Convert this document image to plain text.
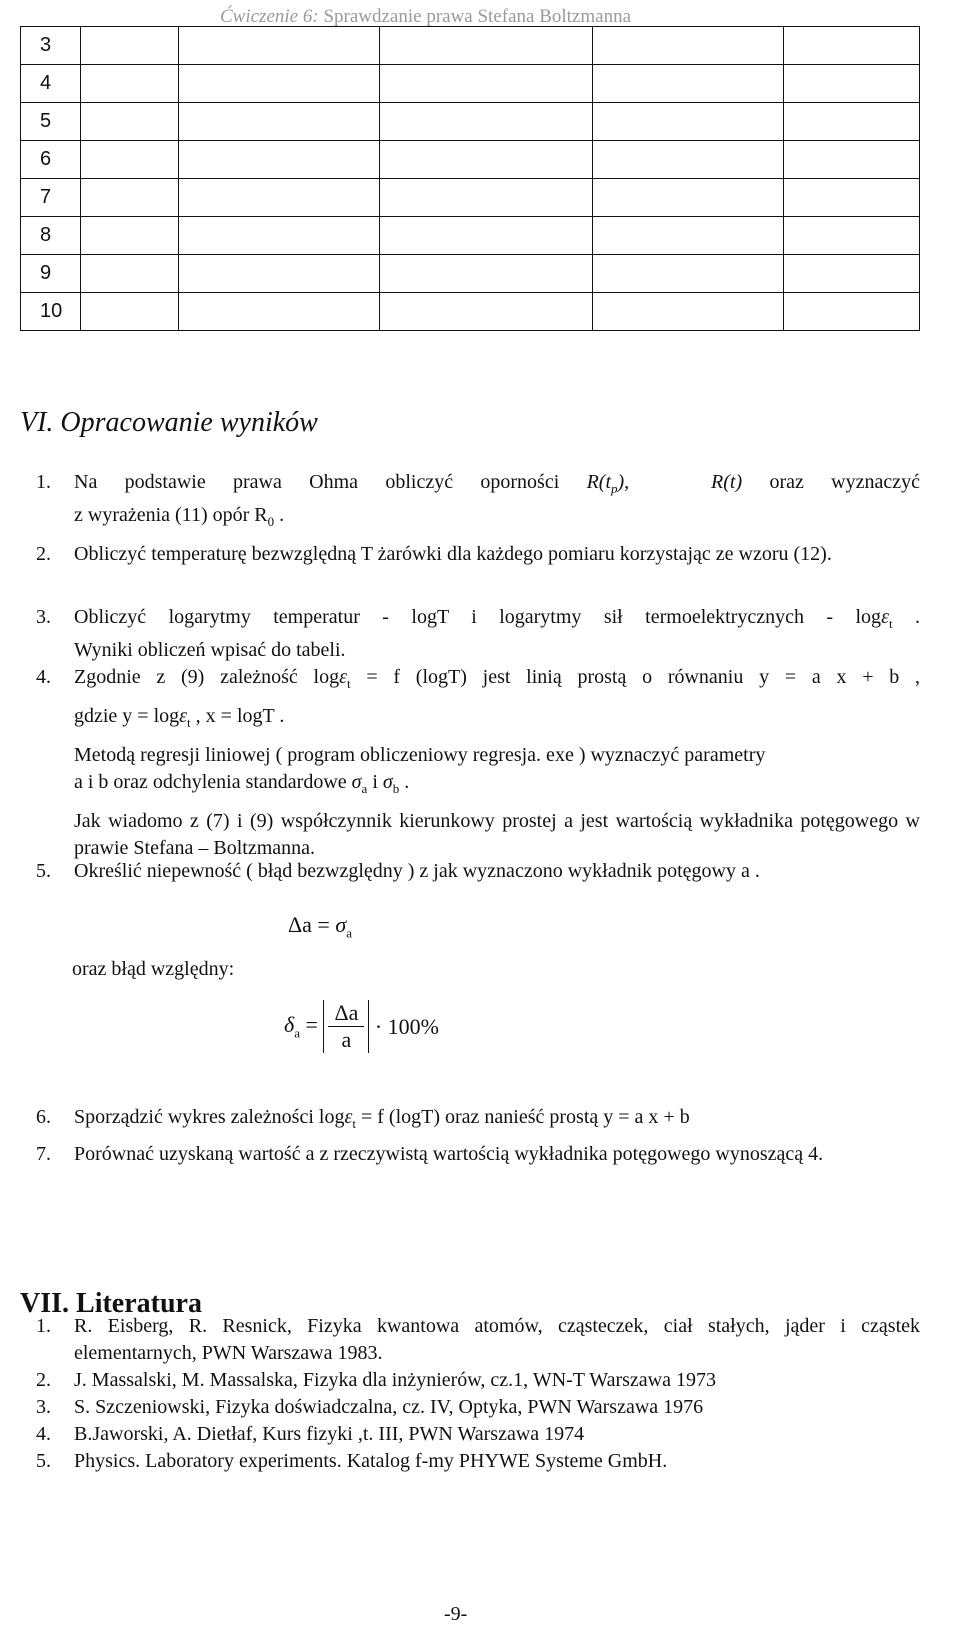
Ćwiczenie 6: Sprawdzanie prawa Stefana Boltzmanna
3					
4					
5					
6					
7					
8					
9					
10					
VI. Opracowanie wyników
1. Na podstawie prawa Ohma obliczyć oporności $R(t_p)$,   R(t) oraz wyznaczyć
z wyrażenia (11) opór $R_0$ .
2.	Obliczyć temperaturę bezwzględną T żarówki dla każdego pomiaru korzystając ze wzoru (12).
3. Obliczyć logarytmy temperatur - logT i logarytmy sił termoelektrycznych - logε$_t$ .
Wyniki obliczeń wpisać do tabeli.
4. Zgodnie z (9) zależność logε$_t$ = f (logT) jest linią prostą o równaniu y = a x + b ,
gdzie y = logε$_t$ , x = logT .
Metodą regresji liniowej ( program obliczeniowy regresja. exe ) wyznaczyć parametry
a i b oraz odchylenia standardowe $\sigma_a$ i $\sigma_b$ .
Jak wiadomo z (7) i (9) współczynnik kierunkowy prostej a jest wartością wykładnika potęgowego w prawie Stefana – Boltzmanna.
5. Określić niepewność ( błąd bezwzględny ) z jak wyznaczono wykładnik potęgowy a .
$\Delta a = \sigma_a$
oraz błąd względny:
$\delta_a = \frac{\Delta a}{a} \cdot 100\%$
6. Sporządzić wykres zależności logε$_t$ = f (logT) oraz nanieść prostą y = a x + b
7.	Porównać uzyskaną wartość a z rzeczywistą wartością wykładnika potęgowego wynoszącą 4.
VII. Literatura
1.	R. Eisberg, R. Resnick, Fizyka kwantowa atomów, cząsteczek, ciał stałych, jąder i cząstek elementarnych, PWN Warszawa 1983.
2. J. Massalski, M. Massalska, Fizyka dla inżynierów, cz.1, WN-T Warszawa 1973
3. S. Szczeniowski, Fizyka doświadczalna, cz. IV, Optyka, PWN Warszawa 1976
4. B.Jaworski, A. Dietłaf, Kurs fizyki ,t. III, PWN Warszawa 1974
5. Physics. Laboratory experiments. Katalog f-my PHYWE Systeme GmbH.
-9-
